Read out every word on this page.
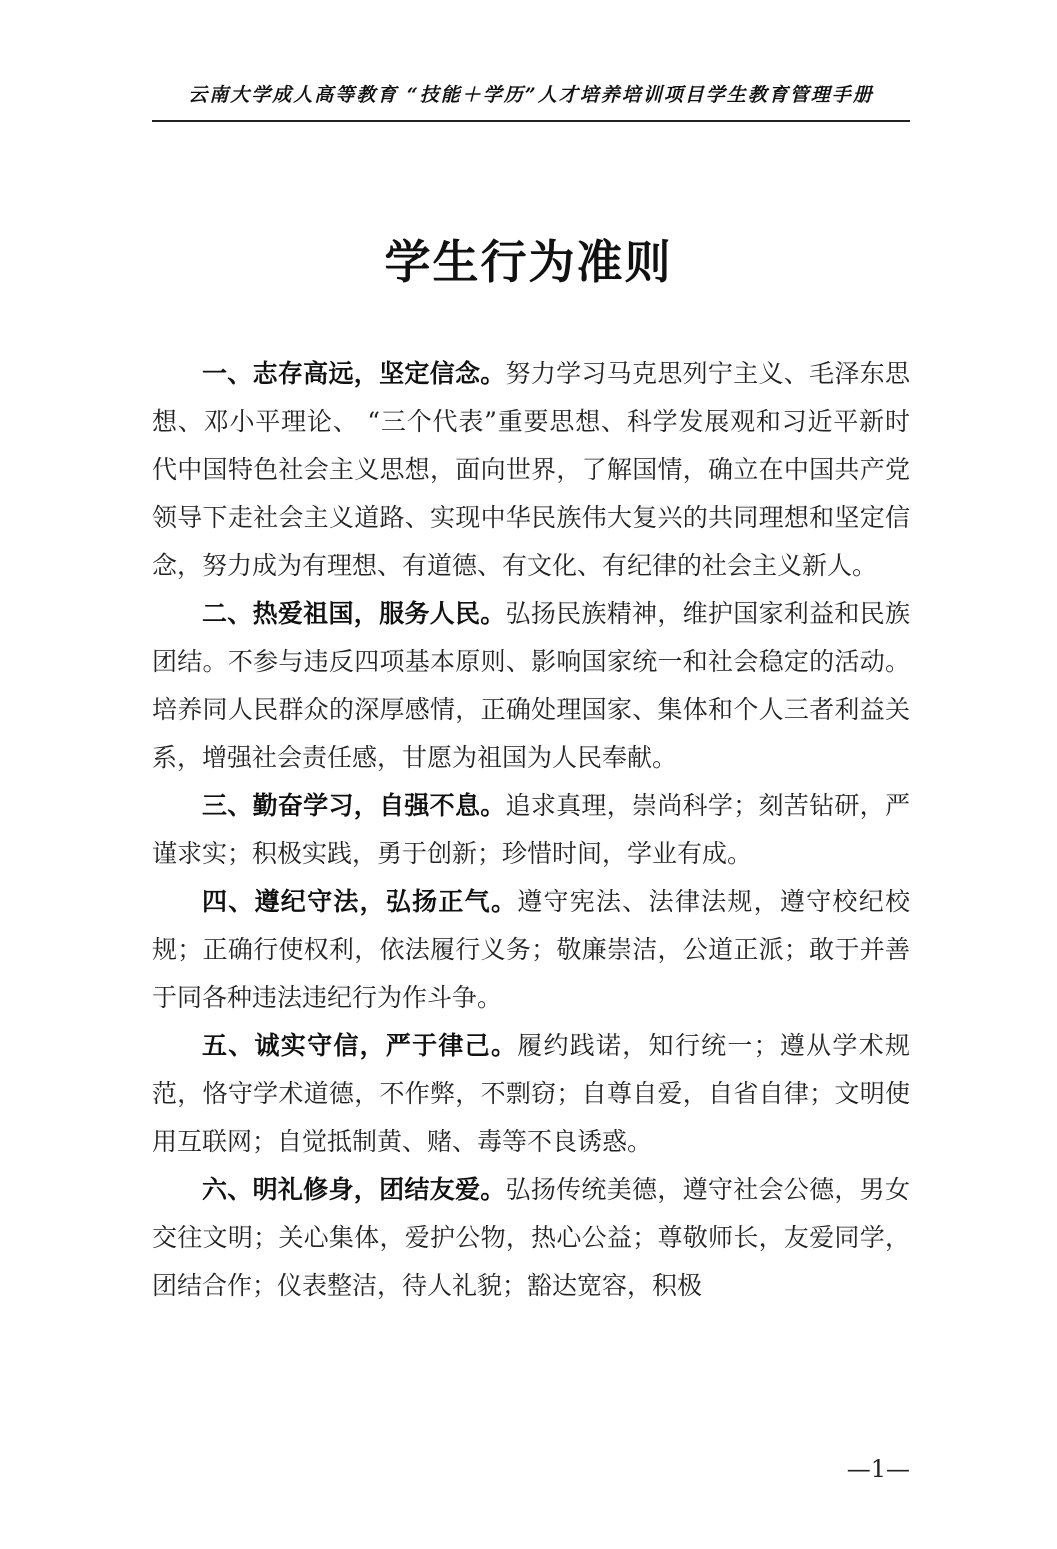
云南大学成人高等教育 “技能＋学历”人才培养培训项目学生教育管理手册
学生行为准则

一、志存高远，坚定信念。努力学习马克思列宁主义、毛泽东思想、邓小平理论、 “三个代表”重要思想、科学发展观和习近平新时代中国特色社会主义思想，面向世界，了解国情，确立在中国共产党领导下走社会主义道路、实现中华民族伟大复兴的共同理想和坚定信念，努力成为有理想、有道德、有文化、有纪律的社会主义新人。

二、热爱祖国，服务人民。弘扬民族精神，维护国家利益和民族团结。不参与违反四项基本原则、影响国家统一和社会稳定的活动。培养同人民群众的深厚感情，正确处理国家、集体和个人三者利益关系，增强社会责任感，甘愿为祖国为人民奉献。

三、勤奋学习，自强不息。追求真理，崇尚科学；刻苦钻研，严谨求实；积极实践，勇于创新；珍惜时间，学业有成。

四、遵纪守法，弘扬正气。遵守宪法、法律法规，遵守校纪校规；正确行使权利，依法履行义务；敬廉崇洁，公道正派；敢于并善于同各种违法违纪行为作斗争。

五、诚实守信，严于律己。履约践诺，知行统一；遵从学术规范，恪守学术道德，不作弊，不剽窃；自尊自爱，自省自律；文明使用互联网；自觉抵制黄、赌、毒等不良诱惑。

六、明礼修身，团结友爱。弘扬传统美德，遵守社会公德，男女交往文明；关心集体，爱护公物，热心公益；尊敬师长，友爱同学，团结合作；仪表整洁，待人礼貌；豁达宽容，积极

—1—
